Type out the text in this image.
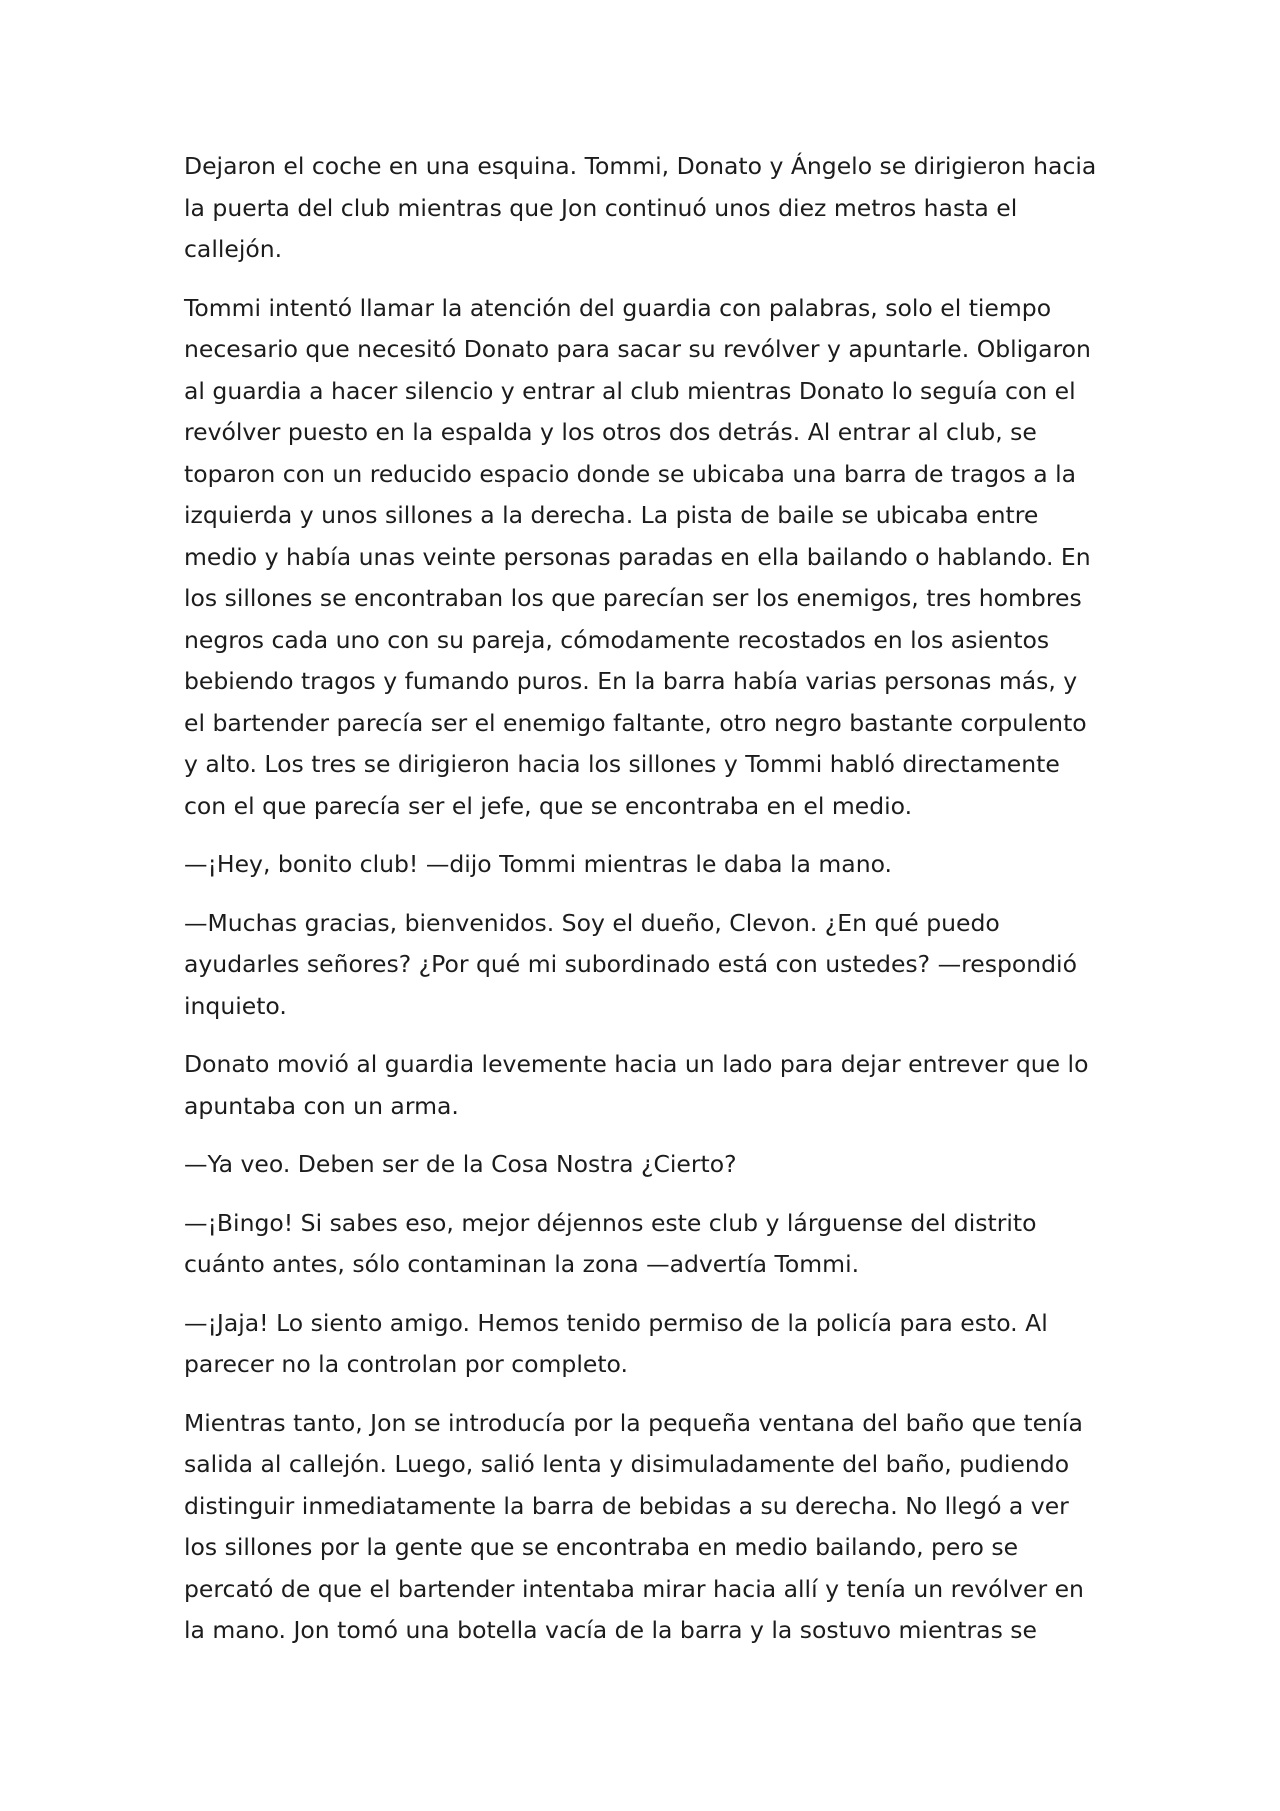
Dejaron el coche en una esquina. Tommi, Donato y Ángelo se dirigieron hacia la puerta del club mientras que Jon continuó unos diez metros hasta el callejón.

Tommi intentó llamar la atención del guardia con palabras, solo el tiempo necesario que necesitó Donato para sacar su revólver y apuntarle. Obligaron al guardia a hacer silencio y entrar al club mientras Donato lo seguía con el revólver puesto en la espalda y los otros dos detrás. Al entrar al club, se toparon con un reducido espacio donde se ubicaba una barra de tragos a la izquierda y unos sillones a la derecha. La pista de baile se ubicaba entre medio y había unas veinte personas paradas en ella bailando o hablando. En los sillones se encontraban los que parecían ser los enemigos, tres hombres negros cada uno con su pareja, cómodamente recostados en los asientos bebiendo tragos y fumando puros. En la barra había varias personas más, y el bartender parecía ser el enemigo faltante, otro negro bastante corpulento y alto. Los tres se dirigieron hacia los sillones y Tommi habló directamente con el que parecía ser el jefe, que se encontraba en el medio.

—¡Hey, bonito club! —dijo Tommi mientras le daba la mano.

—Muchas gracias, bienvenidos. Soy el dueño, Clevon. ¿En qué puedo ayudarles señores? ¿Por qué mi subordinado está con ustedes? —respondió inquieto.

Donato movió al guardia levemente hacia un lado para dejar entrever que lo apuntaba con un arma.

—Ya veo. Deben ser de la Cosa Nostra ¿Cierto?

—¡Bingo! Si sabes eso, mejor déjennos este club y lárguense del distrito cuánto antes, sólo contaminan la zona —advertía Tommi.

—¡Jaja! Lo siento amigo. Hemos tenido permiso de la policía para esto. Al parecer no la controlan por completo.

Mientras tanto, Jon se introducía por la pequeña ventana del baño que tenía salida al callejón. Luego, salió lenta y disimuladamente del baño, pudiendo distinguir inmediatamente la barra de bebidas a su derecha. No llegó a ver los sillones por la gente que se encontraba en medio bailando, pero se percató de que el bartender intentaba mirar hacia allí y tenía un revólver en la mano. Jon tomó una botella vacía de la barra y la sostuvo mientras se
